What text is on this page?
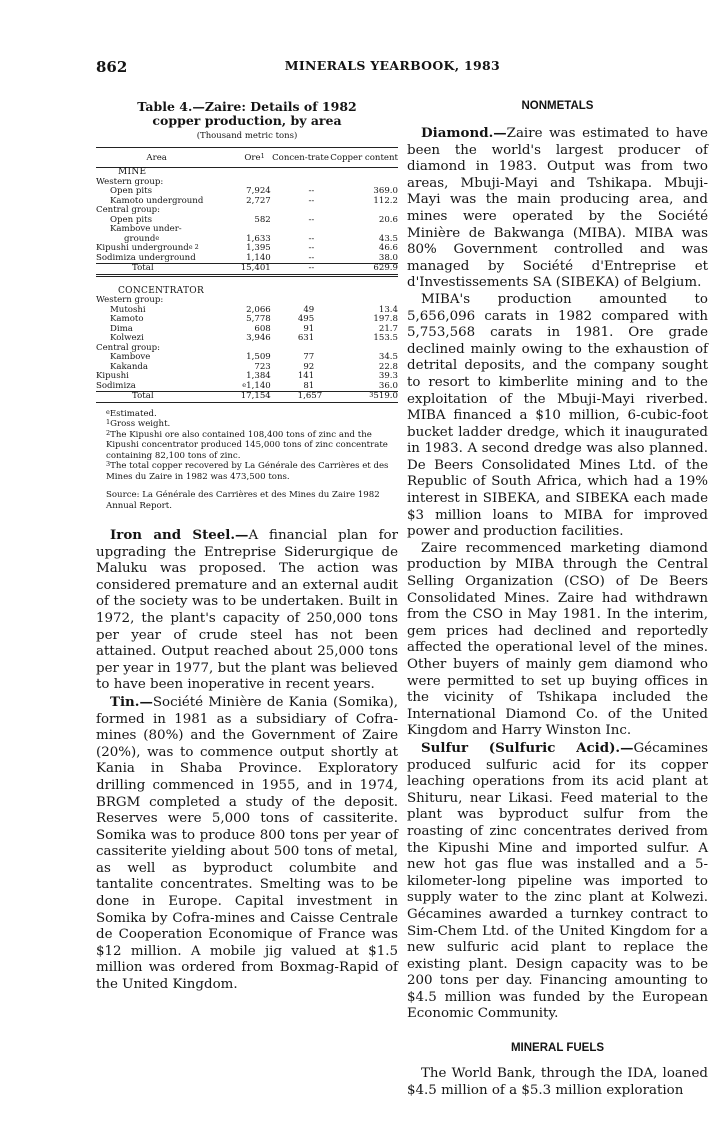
862	MINERALS YEARBOOK, 1983
Table 4.—Zaire: Details of 1982 copper production, by area
(Thousand metric tons)
Area	Ore$^1$	Concen-trate	Copper content
MINE			
Western group:			
Open pits	7,924	--	369.0
Kamoto underground	2,727	--	112.2
Central group:			
Open pits	582	--	20.6
Kambove under-			
ground$^e$	1,633	--	43.5
Kipushi underground$^{e 2}$	1,395	--	46.6
Sodimiza underground	1,140	--	38.0
Total	15,401	--	629.9
CONCENTRATOR			
Western group:			
Mutoshi	2,066	49	13.4
Kamoto	5,778	495	197.8
Dima	608	91	21.7
Kolwezi	3,946	631	153.5
Central group:			
Kambove	1,509	77	34.5
Kakanda	723	92	22.8
Kipushi	1,384	141	39.3
Sodimiza	$^e$1,140	81	36.0
Total	17,154	1,657	$^3$519.0

$^e$Estimated.

$^1$Gross weight.

$^2$The Kipushi ore also contained 108,400 tons of zinc and the Kipushi concentrator produced 145,000 tons of zinc concentrate containing 82,100 tons of zinc.

$^3$The total copper recovered by La Générale des Carrières et des Mines du Zaire in 1982 was 473,500 tons.

Source: La Générale des Carrières et des Mines du Zaire 1982 Annual Report.

Iron and Steel.—A financial plan for upgrading the Entreprise Siderurgique de Maluku was proposed. The action was considered premature and an external audit of the society was to be undertaken. Built in 1972, the plant's capacity of 250,000 tons per year of crude steel has not been attained. Output reached about 25,000 tons per year in 1977, but the plant was believed to have been inoperative in recent years.

Tin.—Société Minière de Kania (Somika), formed in 1981 as a subsidiary of Cofra-mines (80%) and the Government of Zaire (20%), was to commence output shortly at Kania in Shaba Province. Exploratory drilling commenced in 1955, and in 1974, BRGM completed a study of the deposit. Reserves were 5,000 tons of cassiterite. Somika was to produce 800 tons per year of cassiterite yielding about 500 tons of metal, as well as byproduct columbite and tantalite concentrates. Smelting was to be done in Europe. Capital investment in Somika by Cofra-mines and Caisse Centrale de Cooperation Economique of France was $12 million. A mobile jig valued at $1.5 million was ordered from Boxmag-Rapid of the United Kingdom.

NONMETALS

Diamond.—Zaire was estimated to have been the world's largest producer of diamond in 1983. Output was from two areas, Mbuji-Mayi and Tshikapa. Mbuji-Mayi was the main producing area, and mines were operated by the Société Minière de Bakwanga (MIBA). MIBA was 80% Government controlled and was managed by Société d'Entreprise et d'Investissements SA (SIBEKA) of Belgium.

MIBA's production amounted to 5,656,096 carats in 1982 compared with 5,753,568 carats in 1981. Ore grade declined mainly owing to the exhaustion of detrital deposits, and the company sought to resort to kimberlite mining and to the exploitation of the Mbuji-Mayi riverbed. MIBA financed a $10 million, 6-cubic-foot bucket ladder dredge, which it inaugurated in 1983. A second dredge was also planned. De Beers Consolidated Mines Ltd. of the Republic of South Africa, which had a 19% interest in SIBEKA, and SIBEKA each made $3 million loans to MIBA for improved power and production facilities.

Zaire recommenced marketing diamond production by MIBA through the Central Selling Organization (CSO) of De Beers Consolidated Mines. Zaire had withdrawn from the CSO in May 1981. In the interim, gem prices had declined and reportedly affected the operational level of the mines. Other buyers of mainly gem diamond who were permitted to set up buying offices in the vicinity of Tshikapa included the International Diamond Co. of the United Kingdom and Harry Winston Inc.

Sulfur (Sulfuric Acid).—Gécamines produced sulfuric acid for its copper leaching operations from its acid plant at Shituru, near Likasi. Feed material to the plant was byproduct sulfur from the roasting of zinc concentrates derived from the Kipushi Mine and imported sulfur. A new hot gas flue was installed and a 5-kilometer-long pipeline was imported to supply water to the zinc plant at Kolwezi. Gécamines awarded a turnkey contract to Sim-Chem Ltd. of the United Kingdom for a new sulfuric acid plant to replace the existing plant. Design capacity was to be 200 tons per day. Financing amounting to $4.5 million was funded by the European Economic Community.

MINERAL FUELS

The World Bank, through the IDA, loaned $4.5 million of a $5.3 million exploration
